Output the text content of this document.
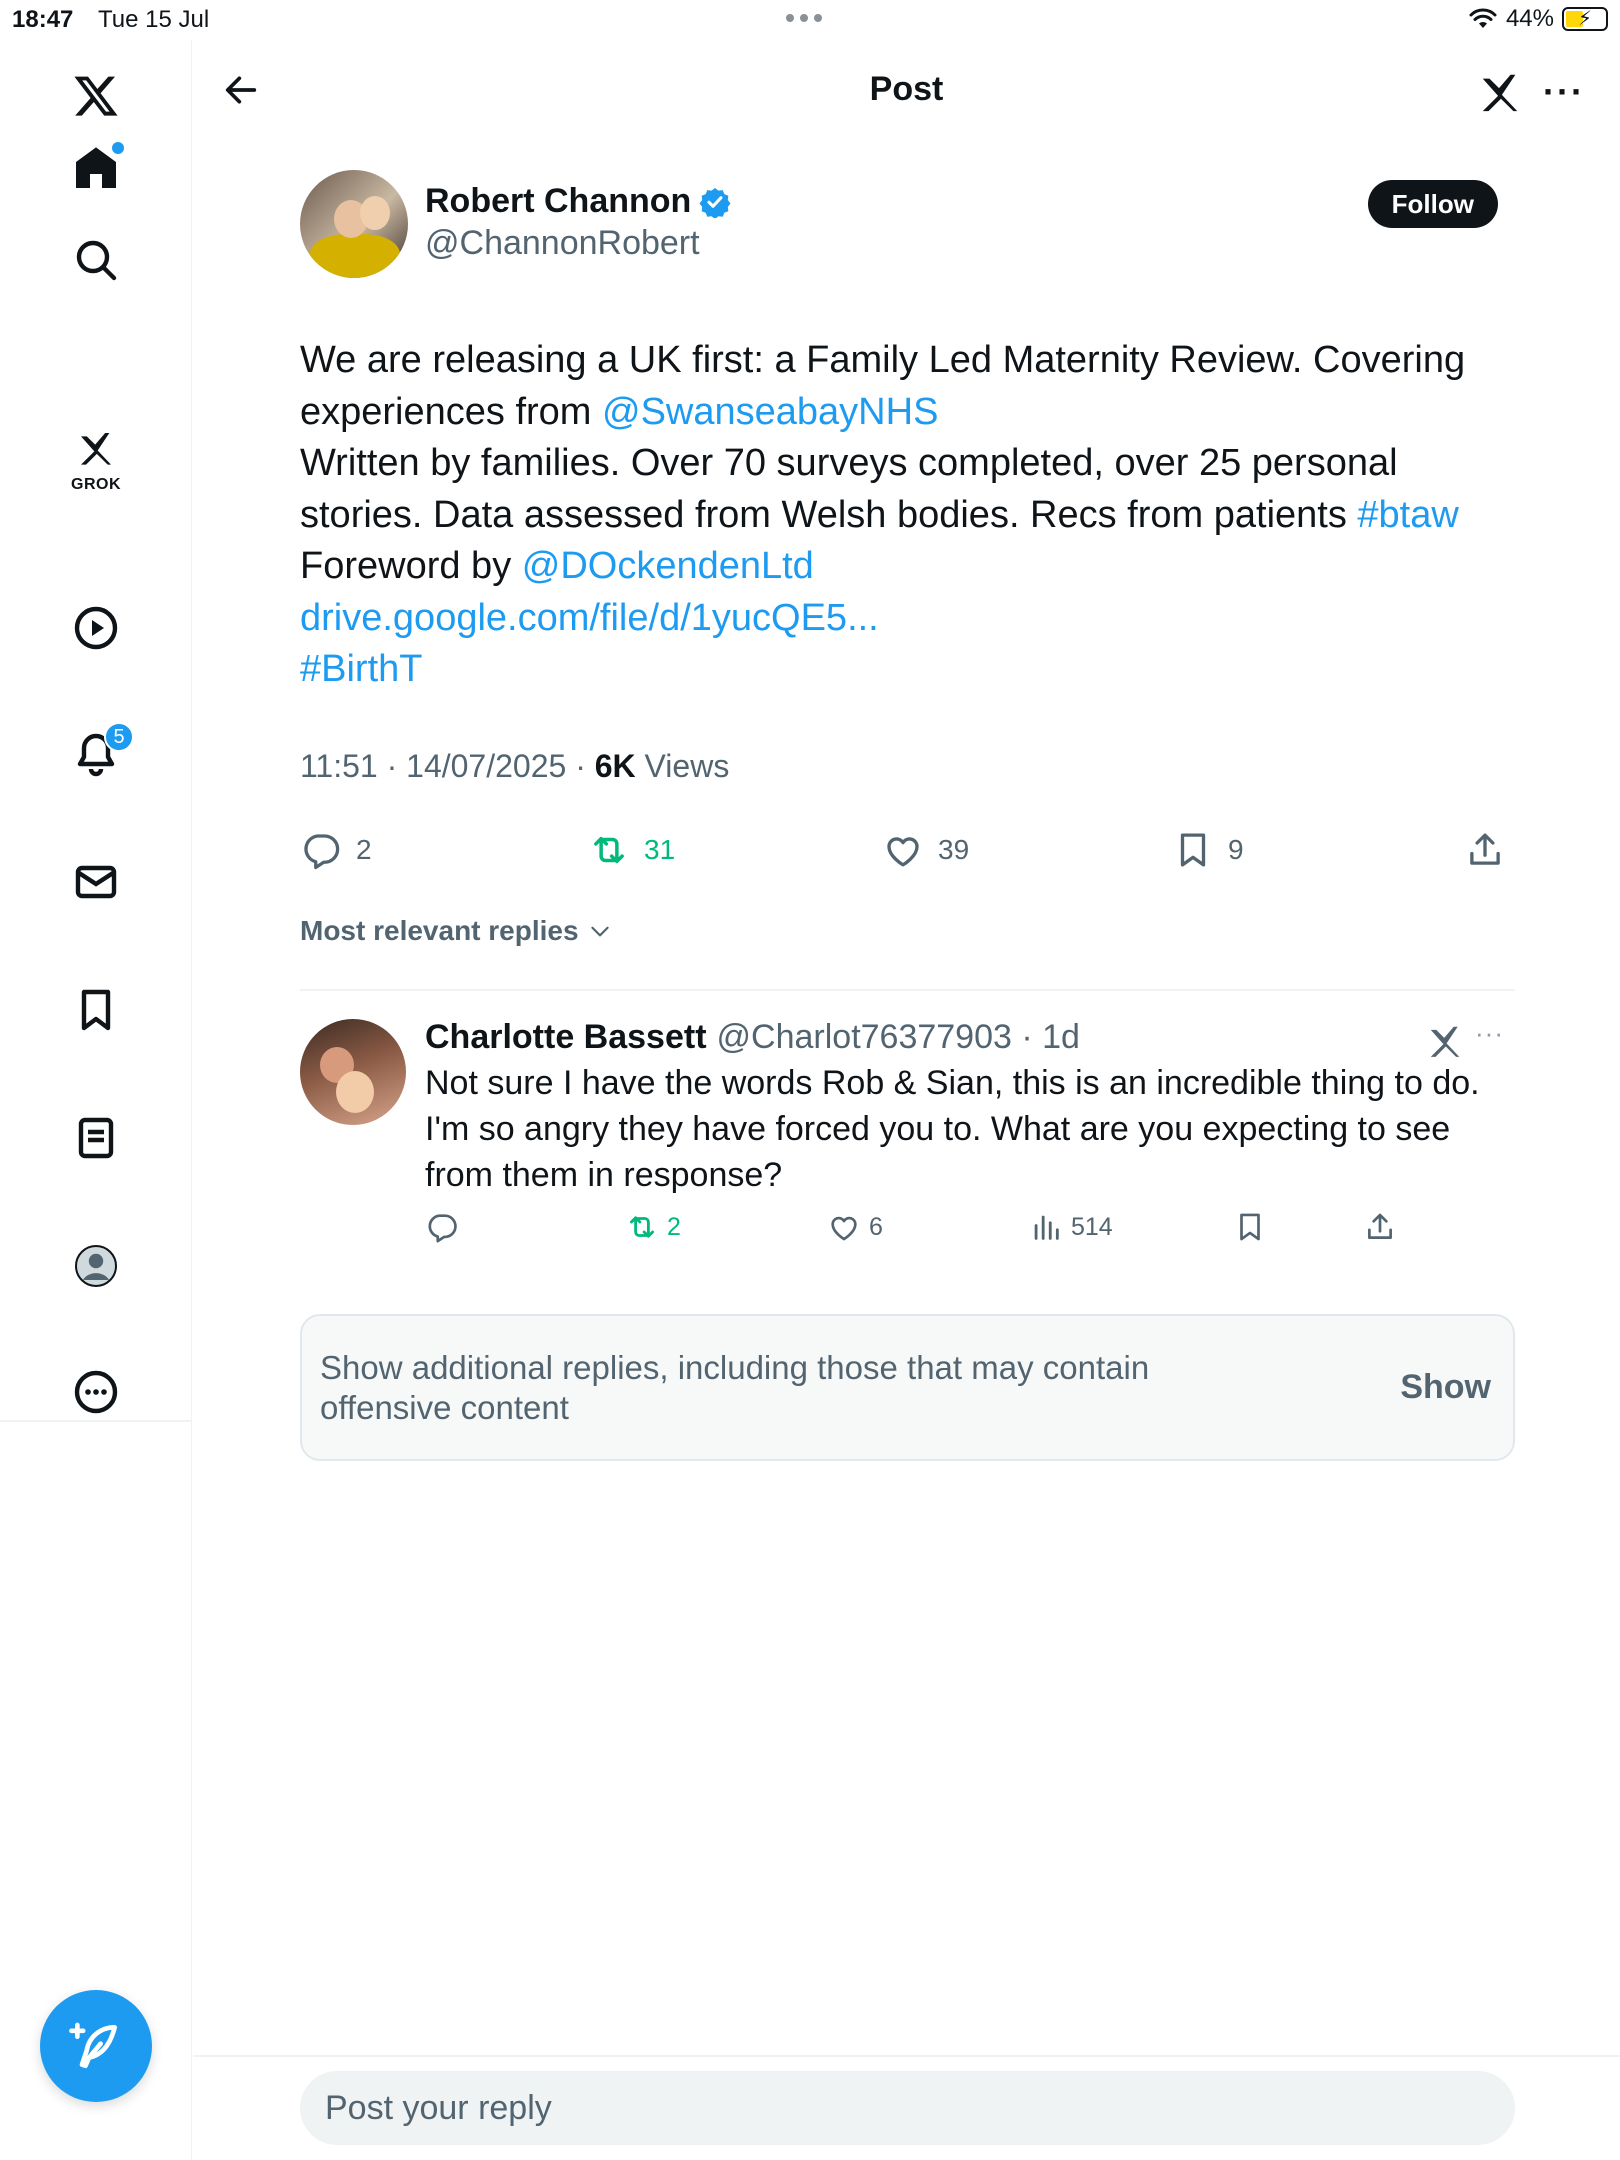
18:47 Tue 15 Jul	44% ⚡
GROK
5
Post	···
Robert Channon
@ChannonRobert
Follow
We are releasing a UK first: a Family Led Maternity Review. Covering
experiences from @SwanseabayNHS
Written by families. Over 70 surveys completed, over 25 personal
stories. Data assessed from Welsh bodies. Recs from patients #btaw
Foreword by @DOckendenLtd
drive.google.com/file/d/1yucQE5...
#BirthT
11:51 · 14/07/2025 · 6K Views
2	31	39	9
Most relevant replies
Charlotte Bassett @Charlot76377903 · 1d	···
Not sure I have the words Rob & Sian, this is an incredible thing to do.
I'm so angry they have forced you to. What are you expecting to see
from them in response?
2	6	514
Show additional replies, including those that may contain offensive content
Show
Post your reply
